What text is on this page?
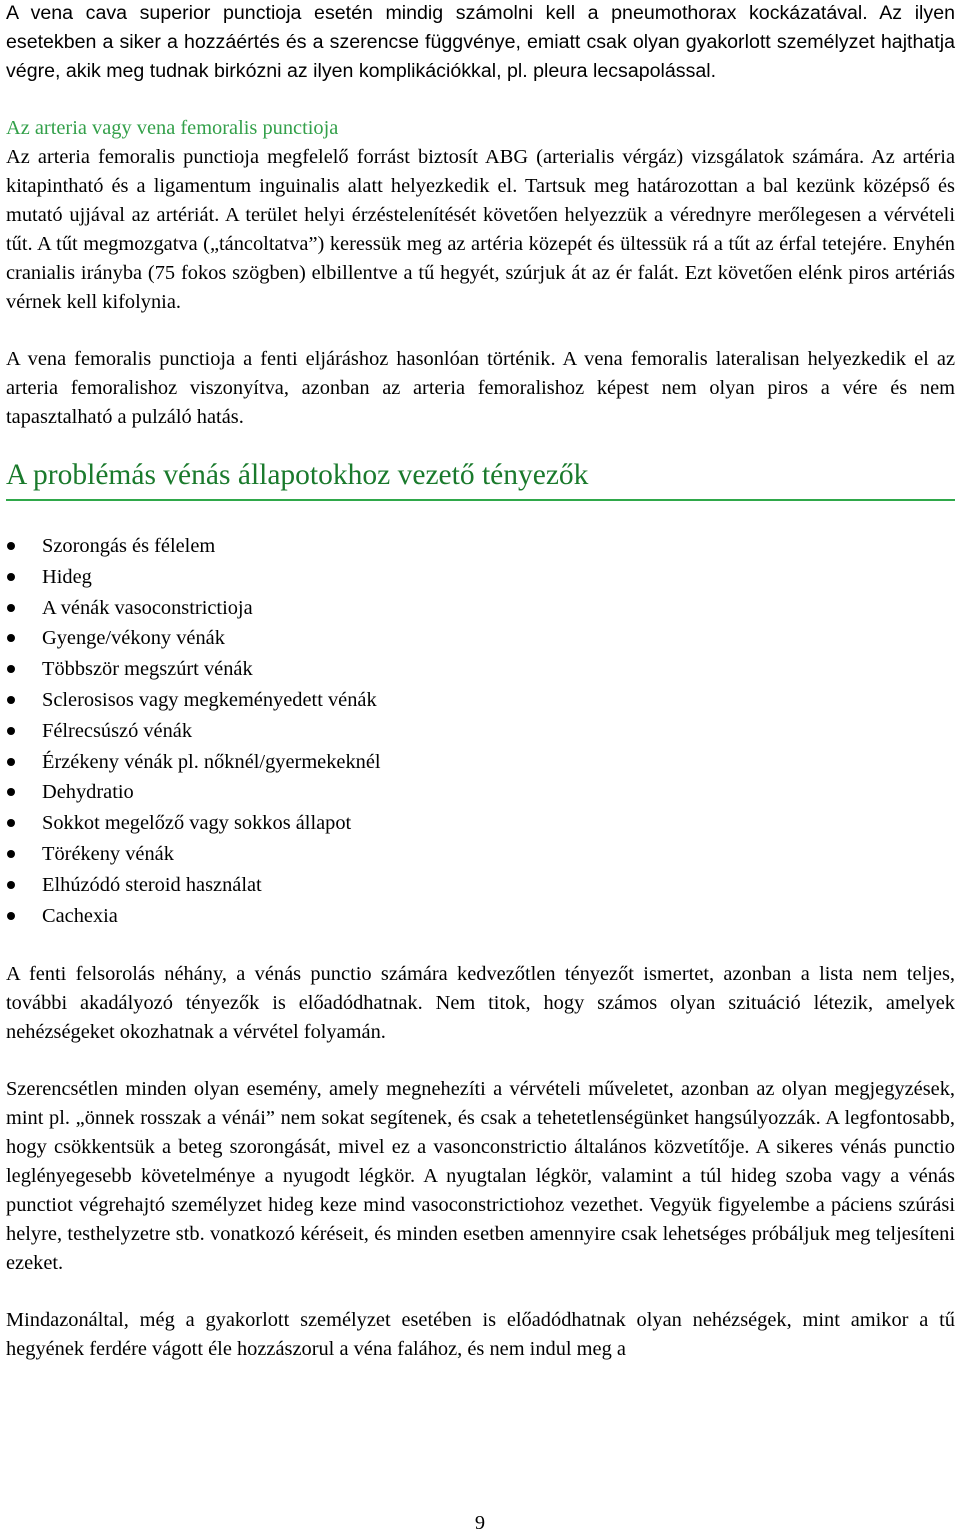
A vena cava superior punctioja esetén mindig számolni kell a pneumothorax kockázatával. Az ilyen esetekben a siker a hozzáértés és a szerencse függvénye, emiatt csak olyan gyakorlott személyzet hajthatja végre, akik meg tudnak birkózni az ilyen komplikációkkal, pl. pleura lecsapolással.

Az arteria vagy vena femoralis punctioja

Az arteria femoralis punctioja megfelelő forrást biztosít ABG (arterialis vérgáz) vizsgálatok számára. Az artéria kitapintható és a ligamentum inguinalis alatt helyezkedik el. Tartsuk meg határozottan a bal kezünk középső és mutató ujjával az artériát. A terület helyi érzéstelenítését követően helyezzük a vérednyre merőlegesen a vérvételi tűt. A tűt megmozgatva („táncoltatva”) keressük meg az artéria közepét és ültessük rá a tűt az érfal tetejére. Enyhén cranialis irányba (75 fokos szögben) elbillentve a tű hegyét, szúrjuk át az ér falát. Ezt követően elénk piros artériás vérnek kell kifolynia.

A vena femoralis punctioja a fenti eljáráshoz hasonlóan történik. A vena femoralis lateralisan helyezkedik el az arteria femoralishoz viszonyítva, azonban az arteria femoralishoz képest nem olyan piros a vére és nem tapasztalható a pulzáló hatás.

A problémás vénás állapotokhoz vezető tényezők
Szorongás és félelem
Hideg
A vénák vasoconstrictioja
Gyenge/vékony vénák
Többször megszúrt vénák
Sclerosisos vagy megkeményedett vénák
Félrecsúszó vénák
Érzékeny vénák pl. nőknél/gyermekeknél
Dehydratio
Sokkot megelőző vagy sokkos állapot
Törékeny vénák
Elhúzódó steroid használat
Cachexia

A fenti felsorolás néhány, a vénás punctio számára kedvezőtlen tényezőt ismertet, azonban a lista nem teljes, további akadályozó tényezők is előadódhatnak. Nem titok, hogy számos olyan szituáció létezik, amelyek nehézségeket okozhatnak a vérvétel folyamán.

Szerencsétlen minden olyan esemény, amely megnehezíti a vérvételi műveletet, azonban az olyan megjegyzések, mint pl. „önnek rosszak a vénái” nem sokat segítenek, és csak a tehetetlenségünket hangsúlyozzák. A legfontosabb, hogy csökkentsük a beteg szorongását, mivel ez a vasonconstrictio általános közvetítője. A sikeres vénás punctio leglényegesebb követelménye a nyugodt légkör. A nyugtalan légkör, valamint a túl hideg szoba vagy a vénás punctiot végrehajtó személyzet hideg keze mind vasoconstrictiohoz vezethet. Vegyük figyelembe a páciens szúrási helyre, testhelyzetre stb. vonatkozó kéréseit, és minden esetben amennyire csak lehetséges próbáljuk meg teljesíteni ezeket.

Mindazonáltal, még a gyakorlott személyzet esetében is előadódhatnak olyan nehézségek, mint amikor a tű hegyének ferdére vágott éle hozzászorul a véna falához, és nem indul meg a

9
